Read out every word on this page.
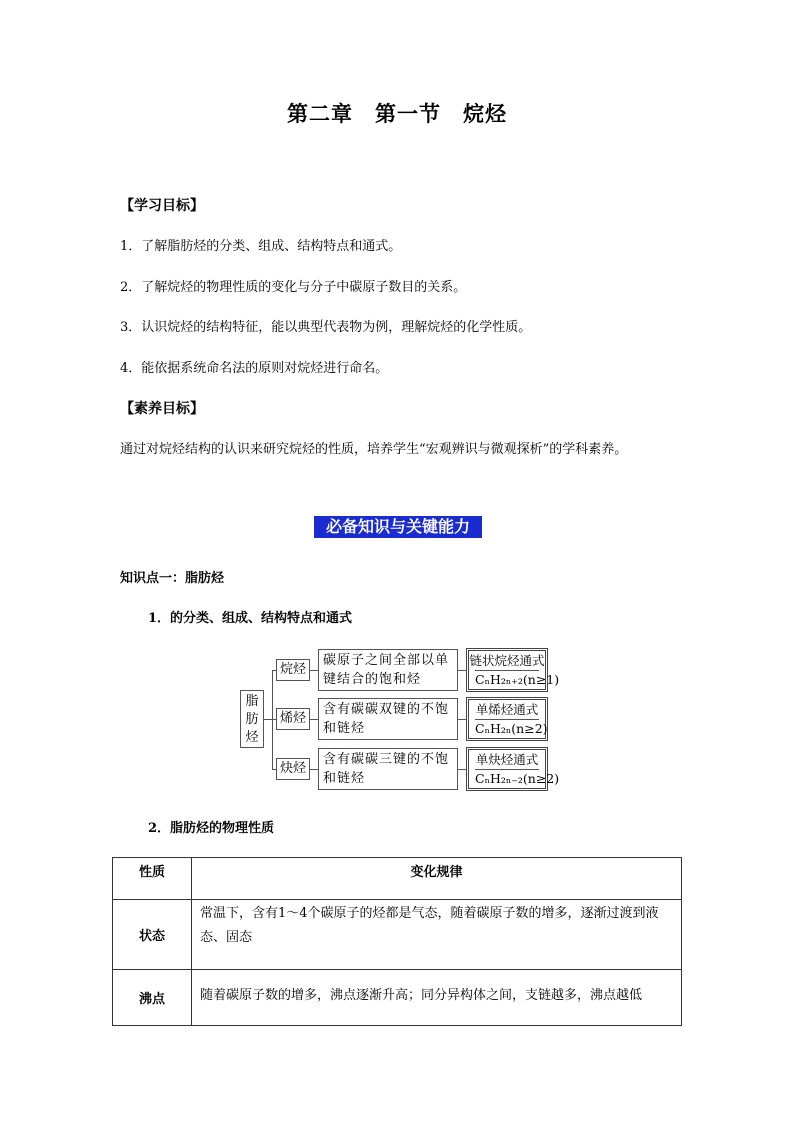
第二章　第一节　烷烃
【学习目标】
1．了解脂肪烃的分类、组成、结构特点和通式。
2．了解烷烃的物理性质的变化与分子中碳原子数目的关系。
3．认识烷烃的结构特征，能以典型代表物为例，理解烷烃的化学性质。
4．能依据系统命名法的原则对烷烃进行命名。
【素养目标】
通过对烷烃结构的认识来研究烷烃的性质，培养学生“宏观辨识与微观探析”的学科素养。
必备知识与关键能力
知识点一：脂肪烃
1．的分类、组成、结构特点和通式
脂
肪
烃
烷烃
碳原子之间全部以单键结合的饱和烃
链状烷烃通式
CₙH₂ₙ₊₂(n≥1)
烯烃
含有碳碳双键的不饱和链烃
单烯烃通式
CₙH₂ₙ(n≥2)
炔烃
含有碳碳三键的不饱和链烃
单炔烃通式
CₙH₂ₙ₋₂(n≥2)
2．脂肪烃的物理性质
性质	变化规律
状态	常温下，含有1～4个碳原子的烃都是气态，随着碳原子数的增多，逐渐过渡到液态、固态
沸点	随着碳原子数的增多，沸点逐渐升高；同分异构体之间，支链越多，沸点越低
